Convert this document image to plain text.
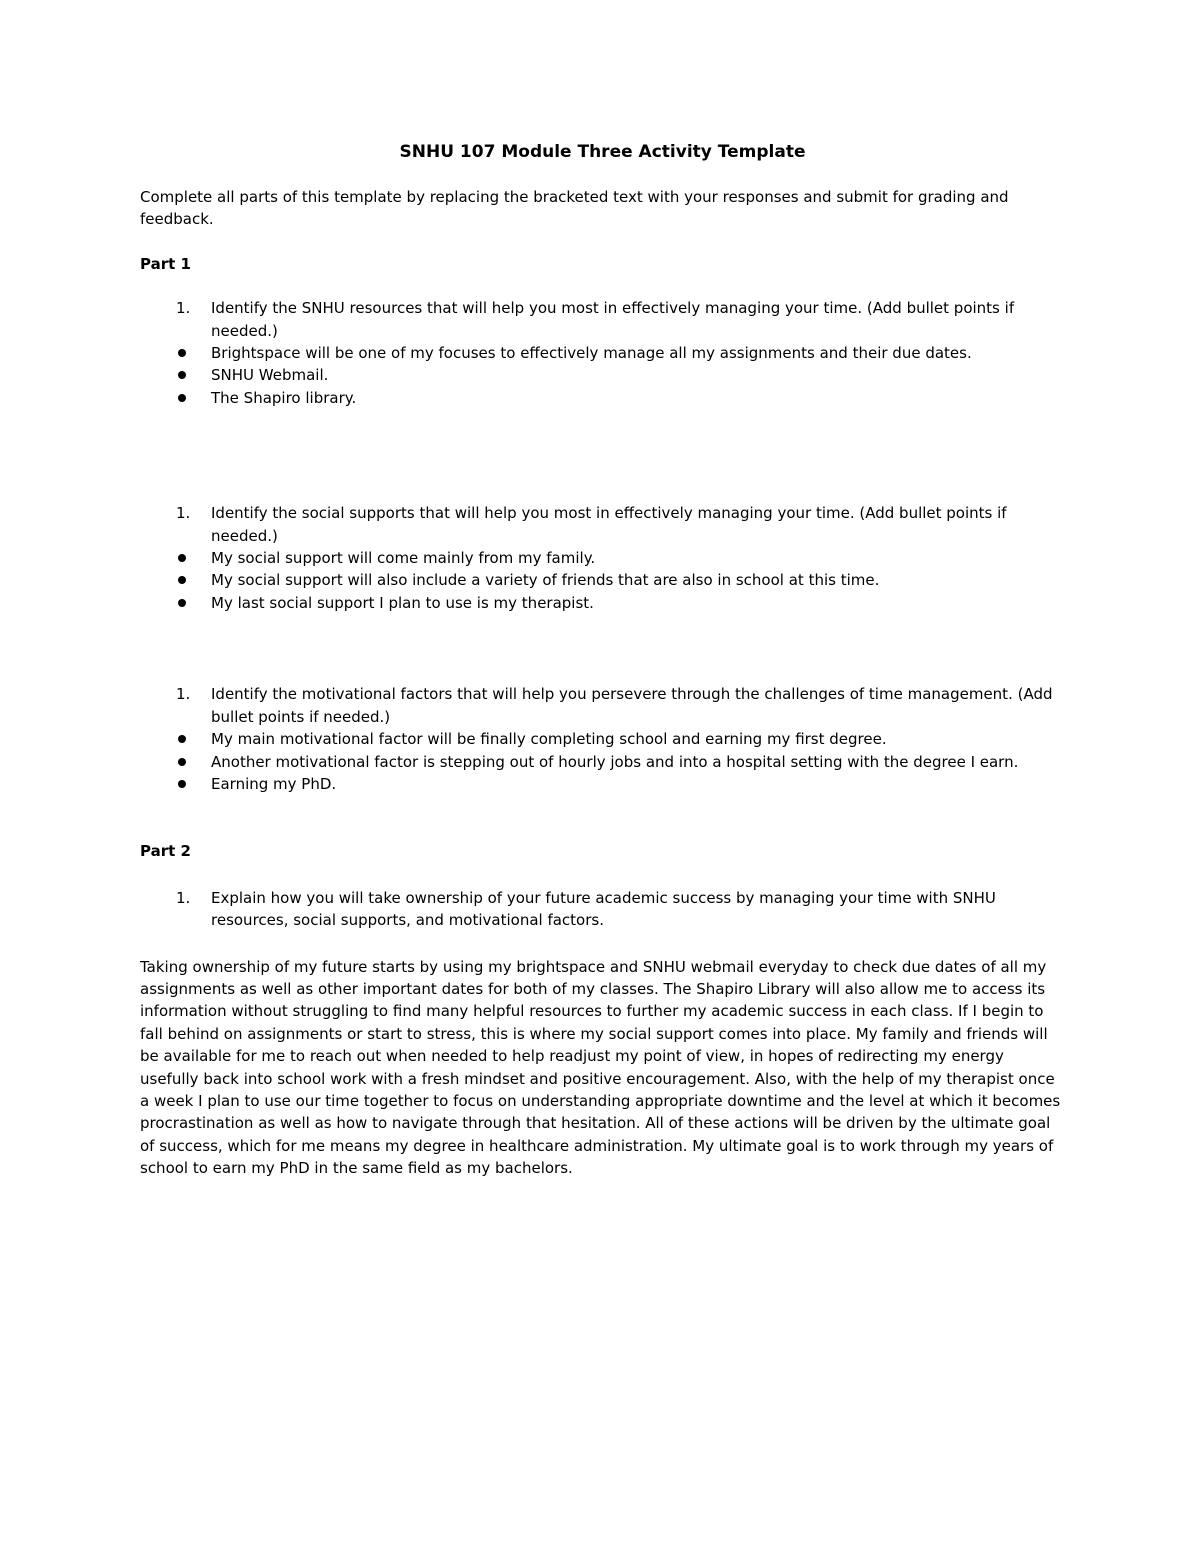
SNHU 107 Module Three Activity Template

Complete all parts of this template by replacing the bracketed text with your responses and submit for grading and feedback.

Part 1

1. Identify the SNHU resources that will help you most in effectively managing your time. (Add bullet points if needed.)
Brightspace will be one of my focuses to effectively manage all my assignments and their due dates.
SNHU Webmail.
The Shapiro library.
1. Identify the social supports that will help you most in effectively managing your time. (Add bullet points if needed.)
My social support will come mainly from my family.
My social support will also include a variety of friends that are also in school at this time.
My last social support I plan to use is my therapist.
1. Identify the motivational factors that will help you persevere through the challenges of time management. (Add bullet points if needed.)
My main motivational factor will be finally completing school and earning my first degree.
Another motivational factor is stepping out of hourly jobs and into a hospital setting with the degree I earn.
Earning my PhD.

Part 2

1. Explain how you will take ownership of your future academic success by managing your time with SNHU resources, social supports, and motivational factors.

Taking ownership of my future starts by using my brightspace and SNHU webmail everyday to check due dates of all my assignments as well as other important dates for both of my classes. The Shapiro Library will also allow me to access its information without struggling to find many helpful resources to further my academic success in each class. If I begin to fall behind on assignments or start to stress, this is where my social support comes into place. My family and friends will be available for me to reach out when needed to help readjust my point of view, in hopes of redirecting my energy usefully back into school work with a fresh mindset and positive encouragement. Also, with the help of my therapist once a week I plan to use our time together to focus on understanding appropriate downtime and the level at which it becomes procrastination as well as how to navigate through that hesitation. All of these actions will be driven by the ultimate goal of success, which for me means my degree in healthcare administration. My ultimate goal is to work through my years of school to earn my PhD in the same field as my bachelors.
